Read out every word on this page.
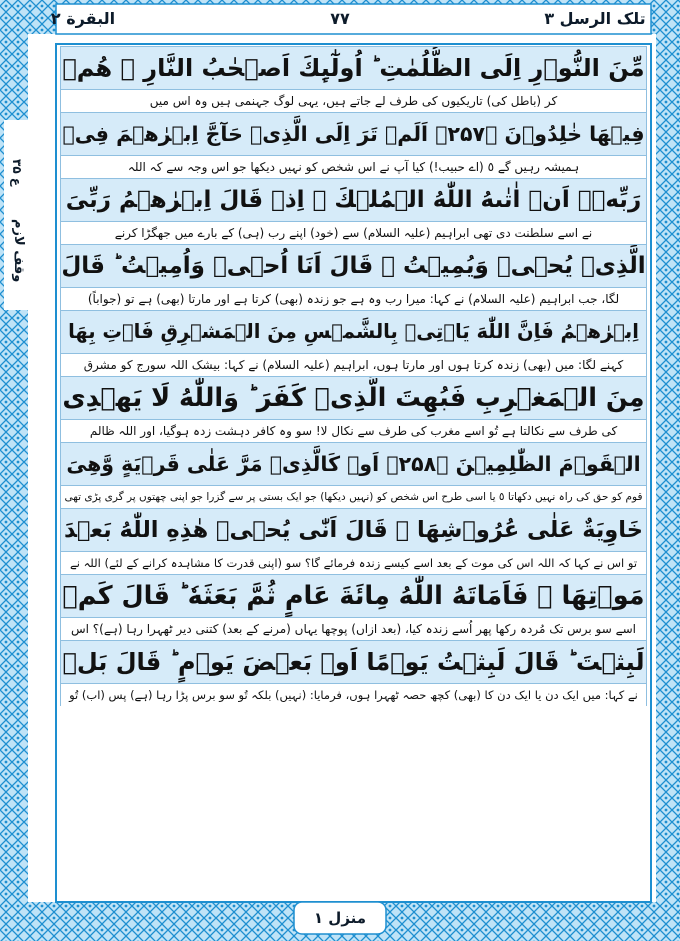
تلک الرسل ۳
۷۷
البقرة ۲
ع ۳۵
وقف لازم
مِّنَ النُّوۡرِ اِلَى الظُّلُمٰتِ ؕ اُولٰٓٮِٕكَ اَصۡحٰبُ النَّارِ ۚ هُمۡ
کر (باطل کی) تاریکیوں کی طرف لے جاتے ہیں، یہی لوگ جہنمی ہیں وہ اس میں
فِيۡهَا خٰلِدُوۡنَ ﴿۲۵۷﴾ اَلَمۡ تَرَ اِلَى الَّذِىۡ حَآجَّ اِبۡرٰهٖمَ فِىۡ
ہمیشہ رہیں گے ٥ (اے حبیب!) کیا آپ نے اس شخص کو نہیں دیکھا جو اس وجہ سے کہ اللہ
رَبِّهٖۤ اَنۡ اٰتٰٮهُ اللّٰهُ الۡمُلۡكَ ۘ اِذۡ قَالَ اِبۡرٰهٖمُ رَبِّىَ
نے اسے سلطنت دی تھی ابراہیم (علیہ السلام) سے (خود) اپنے رب (ہی) کے بارے میں جھگڑا کرنے
الَّذِىۡ يُحۡىٖ وَيُمِيۡتُ ۙ قَالَ اَنَا اُحۡىٖ وَاُمِيۡتُ ؕ قَالَ
لگا، جب ابراہیم (علیہ السلام) نے کہا: میرا رب وہ ہے جو زندہ (بھی) کرتا ہے اور مارتا (بھی) ہے تو (جواباً)
اِبۡرٰهٖمُ فَاِنَّ اللّٰهَ يَاۡتِىۡ بِالشَّمۡسِ مِنَ الۡمَشۡرِقِ فَاۡتِ بِهَا
کہنے لگا: میں (بھی) زندہ کرتا ہوں اور مارتا ہوں، ابراہیم (علیہ السلام) نے کہا: بیشک اللہ سورج کو مشرق
مِنَ الۡمَغۡرِبِ فَبُهِتَ الَّذِىۡ كَفَرَ ؕ وَاللّٰهُ لَا يَهۡدِى
کی طرف سے نکالتا ہے تُو اسے مغرب کی طرف سے نکال لا! سو وہ کافر دہشت زدہ ہوگیا، اور اللہ ظالم
الۡقَوۡمَ الظّٰلِمِيۡنَ ﴿۲۵۸﴾ اَوۡ كَالَّذِىۡ مَرَّ عَلٰى قَرۡيَةٍ وَّهِىَ
قوم کو حق کی راہ نہیں دکھاتا ٥ یا اسی طرح اس شخص کو (نہیں دیکھا) جو ایک بستی پر سے گزرا جو اپنی چھتوں پر گری پڑی تھی
خَاوِيَةٌ عَلٰى عُرُوۡشِهَا ۚ قَالَ اَنّٰى يُحۡىٖ هٰذِهِ اللّٰهُ بَعۡدَ
تو اس نے کہا کہ اللہ اس کی موت کے بعد اسے کیسے زندہ فرمائے گا؟ سو (اپنی قدرت کا مشاہدہ کرانے کے لئے) اللہ نے
مَوۡتِهَا ۚ فَاَمَاتَهُ اللّٰهُ مِائَةَ عَامٍ ثُمَّ بَعَثَهٗ ؕ قَالَ كَمۡ
اسے سو برس تک مُردہ رکھا پھر اُسے زندہ کیا، (بعد ازاں) پوچھا یہاں (مرنے کے بعد) کتنی دیر ٹھہرا رہا (ہے)؟ اس
لَبِثۡتَ ؕ قَالَ لَبِثۡتُ يَوۡمًا اَوۡ بَعۡضَ يَوۡمٍ ؕ قَالَ بَلۡ
نے کہا: میں ایک دن یا ایک دن کا (بھی) کچھ حصہ ٹھہرا ہوں، فرمایا: (نہیں) بلکہ تُو سو برس پڑا رہا (ہے) پس (اب) تُو
منزل ۱
